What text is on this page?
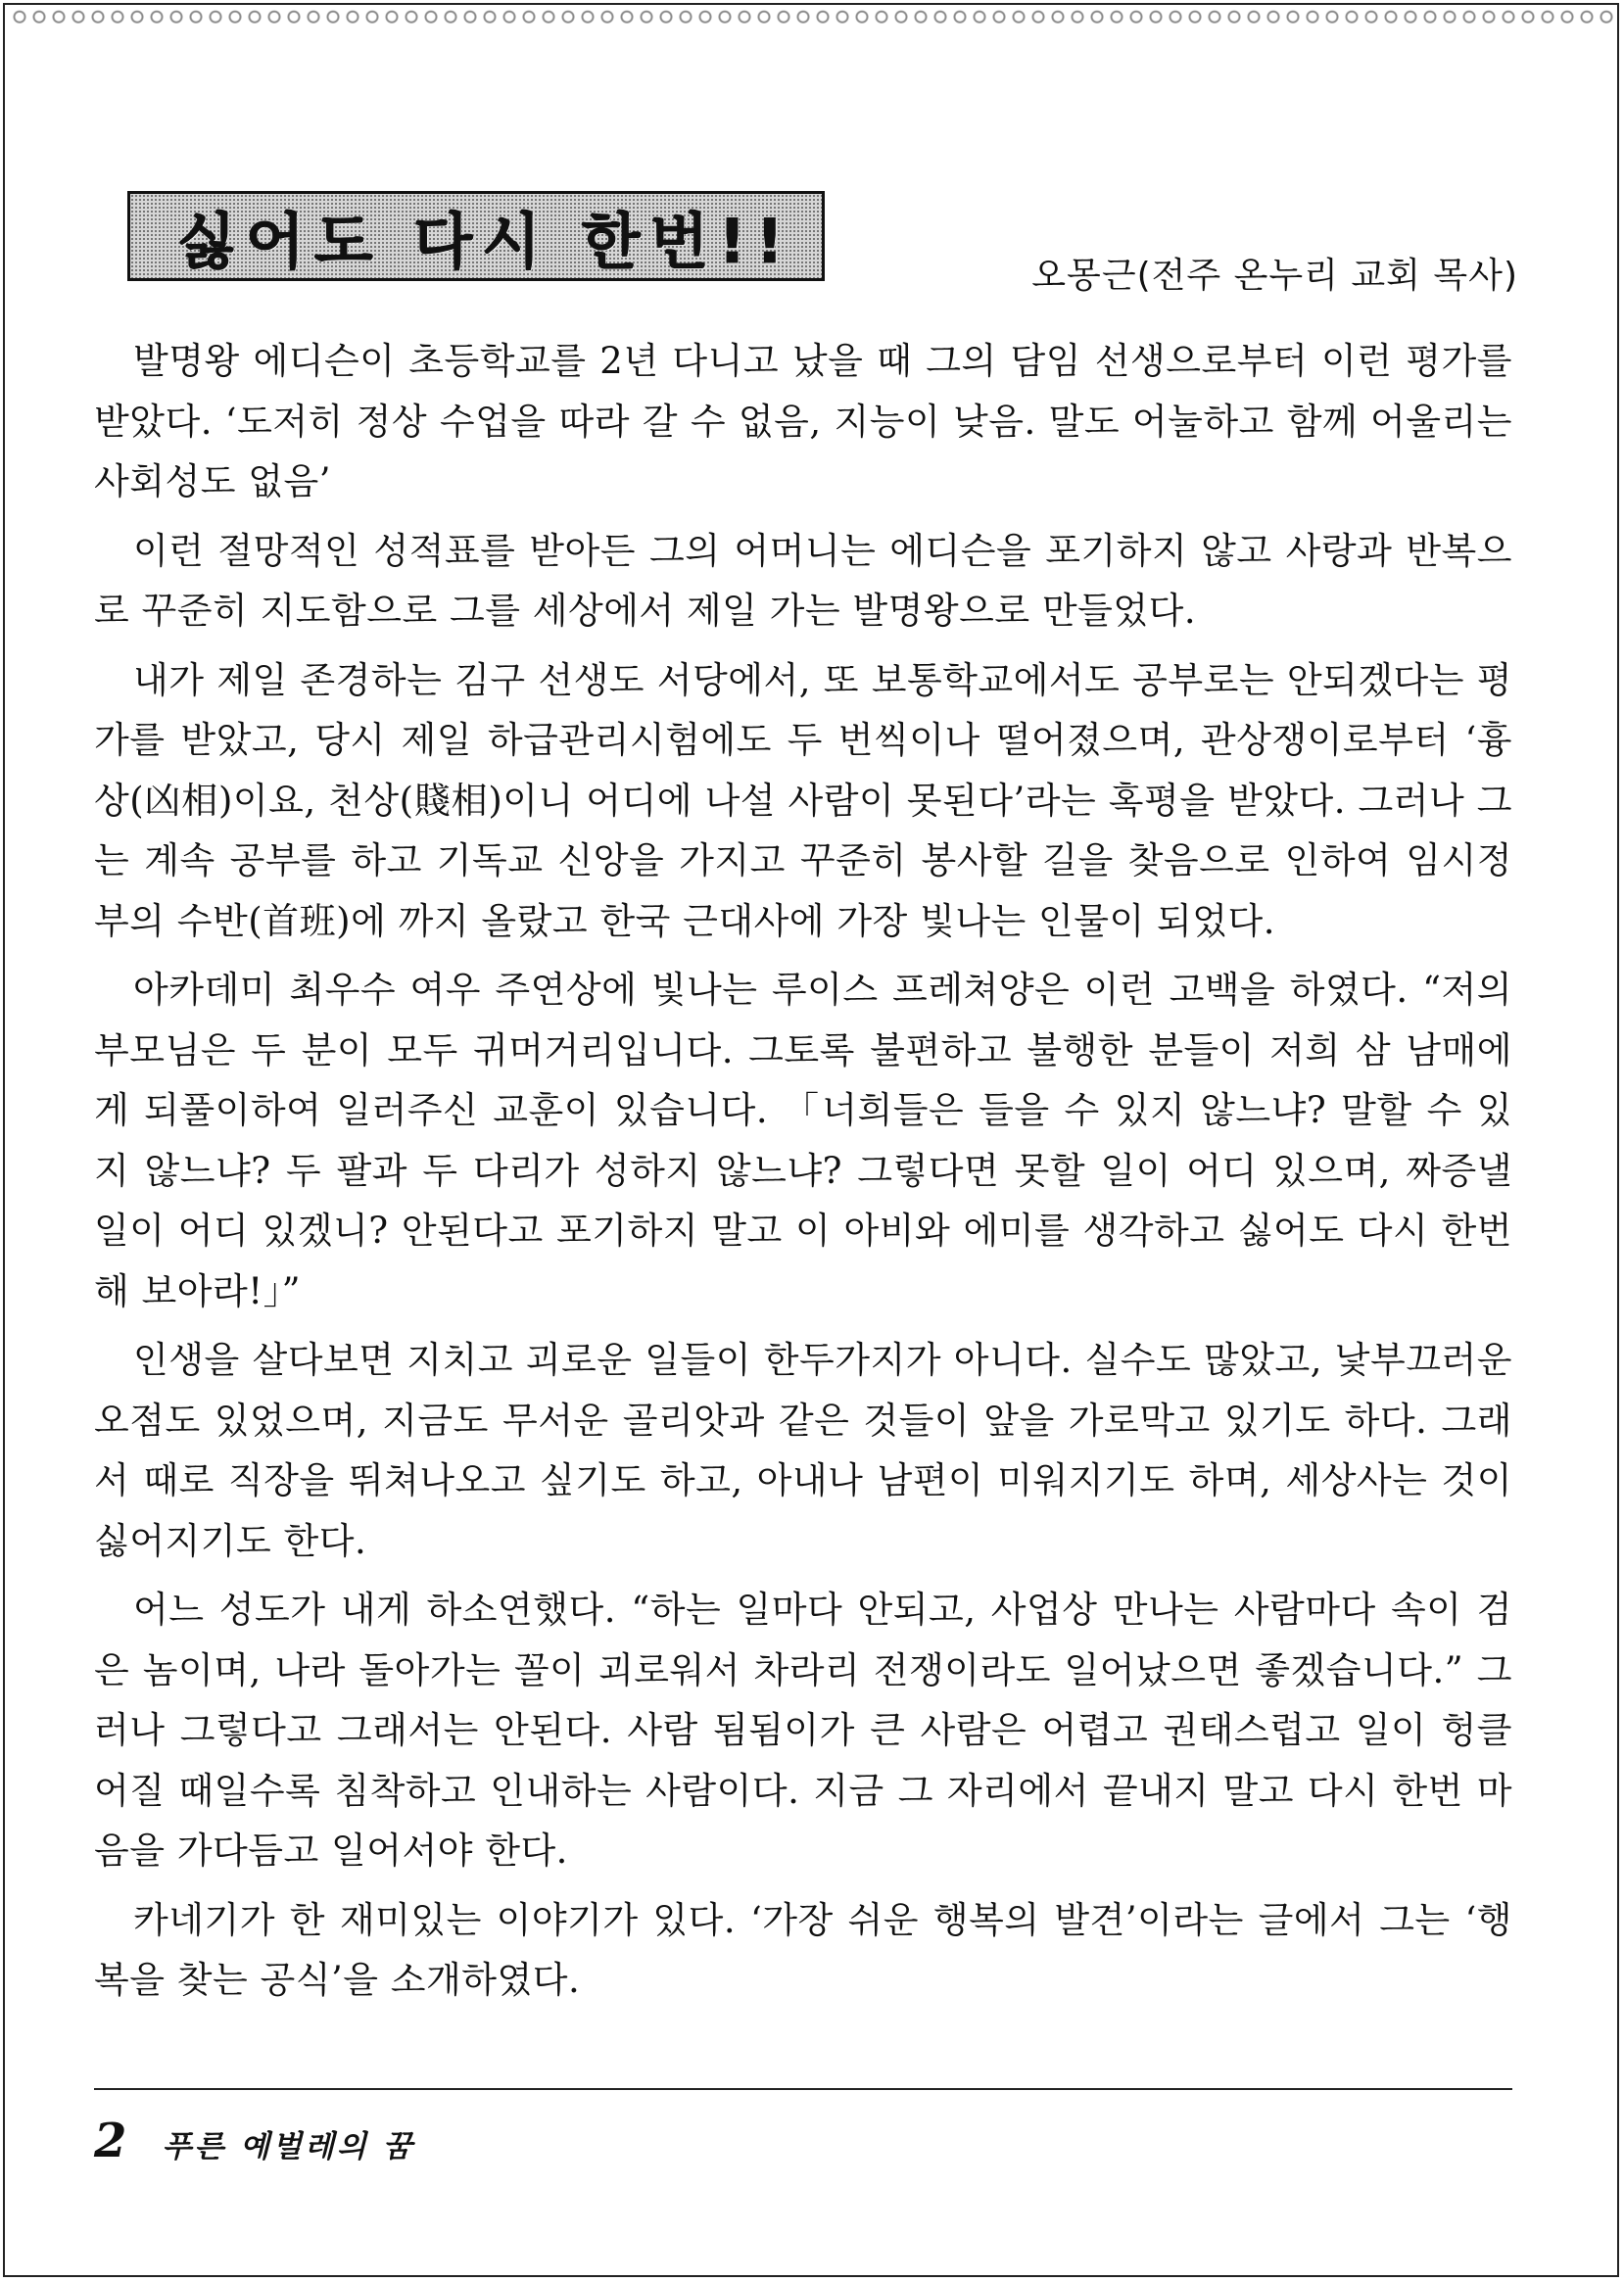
싫어도 다시 한번!!	오몽근(전주 온누리 교회 목사)

발명왕 에디슨이 초등학교를 2년 다니고 났을 때 그의 담임 선생으로부터 이런 평가를 받았다. ‘도저히 정상 수업을 따라 갈 수 없음, 지능이 낮음. 말도 어눌하고 함께 어울리는 사회성도 없음’

이런 절망적인 성적표를 받아든 그의 어머니는 에디슨을 포기하지 않고 사랑과 반복으로 꾸준히 지도함으로 그를 세상에서 제일 가는 발명왕으로 만들었다.

내가 제일 존경하는 김구 선생도 서당에서, 또 보통학교에서도 공부로는 안되겠다는 평가를 받았고, 당시 제일 하급관리시험에도 두 번씩이나 떨어졌으며, 관상쟁이로부터 ‘흉상(凶相)이요, 천상(賤相)이니 어디에 나설 사람이 못된다’라는 혹평을 받았다. 그러나 그는 계속 공부를 하고 기독교 신앙을 가지고 꾸준히 봉사할 길을 찾음으로 인하여 임시정부의 수반(首班)에 까지 올랐고 한국 근대사에 가장 빛나는 인물이 되었다.

아카데미 최우수 여우 주연상에 빛나는 루이스 프레쳐양은 이런 고백을 하였다. “저의 부모님은 두 분이 모두 귀머거리입니다. 그토록 불편하고 불행한 분들이 저희 삼 남매에게 되풀이하여 일러주신 교훈이 있습니다. 「너희들은 들을 수 있지 않느냐? 말할 수 있지 않느냐? 두 팔과 두 다리가 성하지 않느냐? 그렇다면 못할 일이 어디 있으며, 짜증낼 일이 어디 있겠니? 안된다고 포기하지 말고 이 아비와 에미를 생각하고 싫어도 다시 한번 해 보아라!」”

인생을 살다보면 지치고 괴로운 일들이 한두가지가 아니다. 실수도 많았고, 낯부끄러운 오점도 있었으며, 지금도 무서운 골리앗과 같은 것들이 앞을 가로막고 있기도 하다. 그래서 때로 직장을 뛰쳐나오고 싶기도 하고, 아내나 남편이 미워지기도 하며, 세상사는 것이 싫어지기도 한다.

어느 성도가 내게 하소연했다. “하는 일마다 안되고, 사업상 만나는 사람마다 속이 검은 놈이며, 나라 돌아가는 꼴이 괴로워서 차라리 전쟁이라도 일어났으면 좋겠습니다.” 그러나 그렇다고 그래서는 안된다. 사람 됨됨이가 큰 사람은 어렵고 권태스럽고 일이 헝클어질 때일수록 침착하고 인내하는 사람이다. 지금 그 자리에서 끝내지 말고 다시 한번 마음을 가다듬고 일어서야 한다.

카네기가 한 재미있는 이야기가 있다. ‘가장 쉬운 행복의 발견’이라는 글에서 그는 ‘행복을 찾는 공식’을 소개하였다.

2 푸른 예벌레의 꿈
